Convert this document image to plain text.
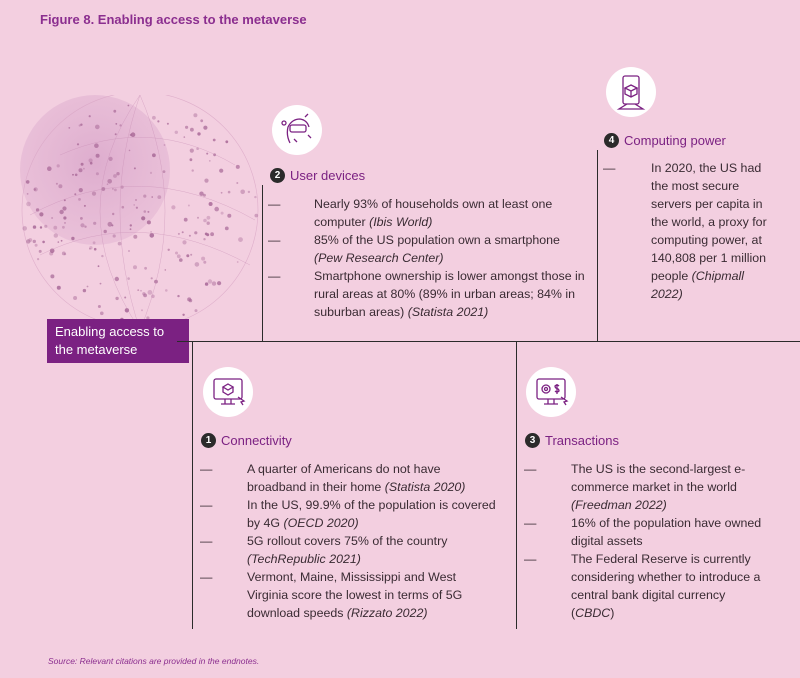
Figure 8. Enabling access to the metaverse
Enabling access to the metaverse
2 User devices
4 Computing power
1 Connectivity	3 Transactions
—	Nearly 93% of households own at least one computer (Ibis World)
—	85% of the US population own a smartphone (Pew Research Center)
—	Smartphone ownership is lower amongst those in rural areas at 80% (89% in urban areas; 84% in suburban areas) (Statista 2021)
—	In 2020, the US had the most secure servers per capita in the world, a proxy for computing power, at 140,808 per 1 million people (Chipmall 2022)
—	A quarter of Americans do not have broadband in their home (Statista 2020)
—	In the US, 99.9% of the population is covered by 4G (OECD 2020)
—	5G rollout covers 75% of the country (TechRepublic 2021)
—	Vermont, Maine, Mississippi and West Virginia score the lowest in terms of 5G download speeds (Rizzato 2022)
—	The US is the second-largest e-commerce market in the world (Freedman 2022)
—	16% of the population have owned digital assets
—	The Federal Reserve is currently considering whether to introduce a central bank digital currency (CBDC)
Source: Relevant citations are provided in the endnotes.
